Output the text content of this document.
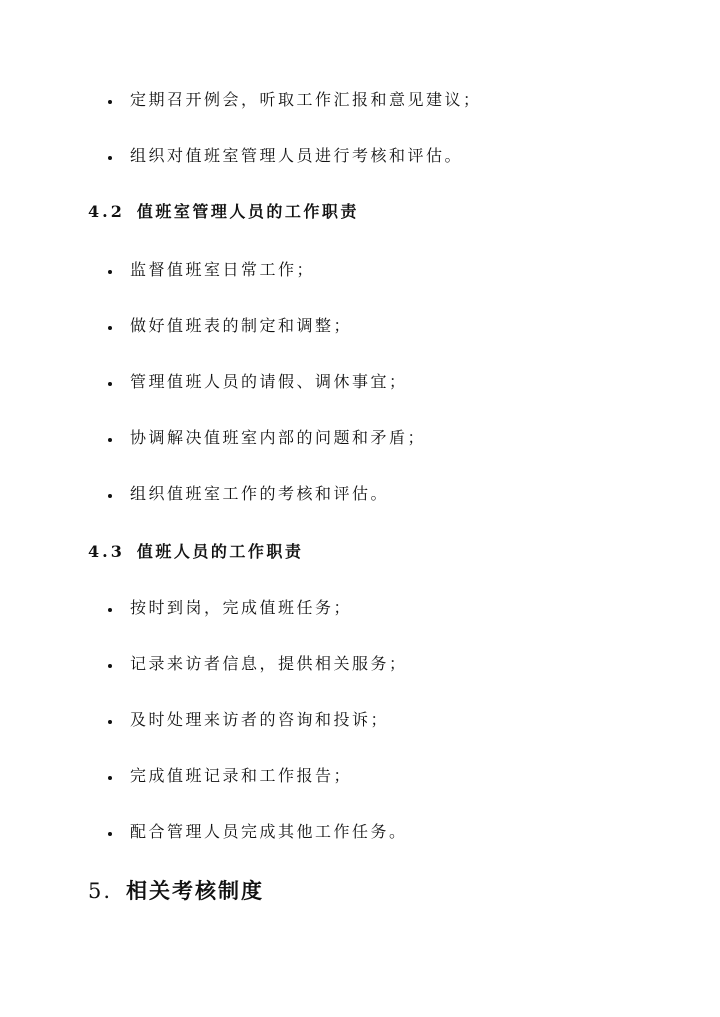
定期召开例会，听取工作汇报和意见建议；
组织对值班室管理人员进行考核和评估。
4.2 值班室管理人员的工作职责
监督值班室日常工作；
做好值班表的制定和调整；
管理值班人员的请假、调休事宜；
协调解决值班室内部的问题和矛盾；
组织值班室工作的考核和评估。
4.3 值班人员的工作职责
按时到岗，完成值班任务；
记录来访者信息，提供相关服务；
及时处理来访者的咨询和投诉；
完成值班记录和工作报告；
配合管理人员完成其他工作任务。
5. 相关考核制度
